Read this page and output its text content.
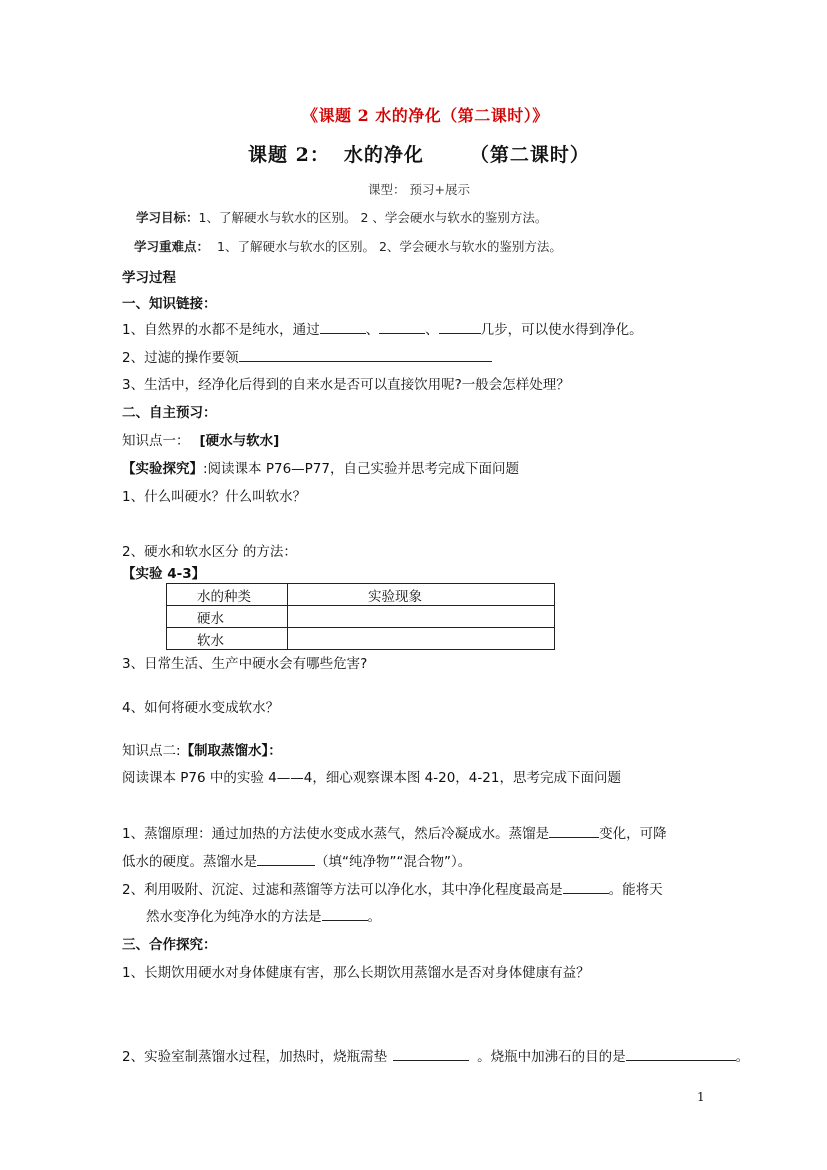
《课题 2 水的净化（第二课时）》
课题 2： 水的净化 （第二课时）
课型： 预习+展示
学习目标：1、了解硬水与软水的区别。 2 、学会硬水与软水的鉴别方法。
学习重难点： 1、了解硬水与软水的区别。 2、学会硬水与软水的鉴别方法。
学习过程
一、知识链接：
1、自然界的水都不是纯水，通过	、	、	几步，可以使水得到净化。
2、过滤的操作要领
3、生活中，经净化后得到的自来水是否可以直接饮用呢?一般会怎样处理？
二、自主预习：
知识点一： [硬水与软水]
【实验探究】:阅读课本 P76—P77，自己实验并思考完成下面问题
1、什么叫硬水？什么叫软水？
2、硬水和软水区分 的方法：
【实验 4-3】
水的种类	实验现象
硬水	
软水	
3、日常生活、生产中硬水会有哪些危害?
4、如何将硬水变成软水？
知识点二:【制取蒸馏水】：
阅读课本 P76 中的实验 4——4，细心观察课本图 4-20，4-21，思考完成下面问题
1、蒸馏原理：通过加热的方法使水变成水蒸气，然后冷凝成水。蒸馏是	变化，可降
低水的硬度。蒸馏水是	（填“纯净物”“混合物”）。
2、利用吸附、沉淀、过滤和蒸馏等方法可以净化水，其中净化程度最高是	。能将天
然水变净化为纯净水的方法是	。
三、合作探究：
1、长期饮用硬水对身体健康有害，那么长期饮用蒸馏水是否对身体健康有益？
2、实验室制蒸馏水过程，加热时，烧瓶需垫	。烧瓶中加沸石的目的是	。
1
